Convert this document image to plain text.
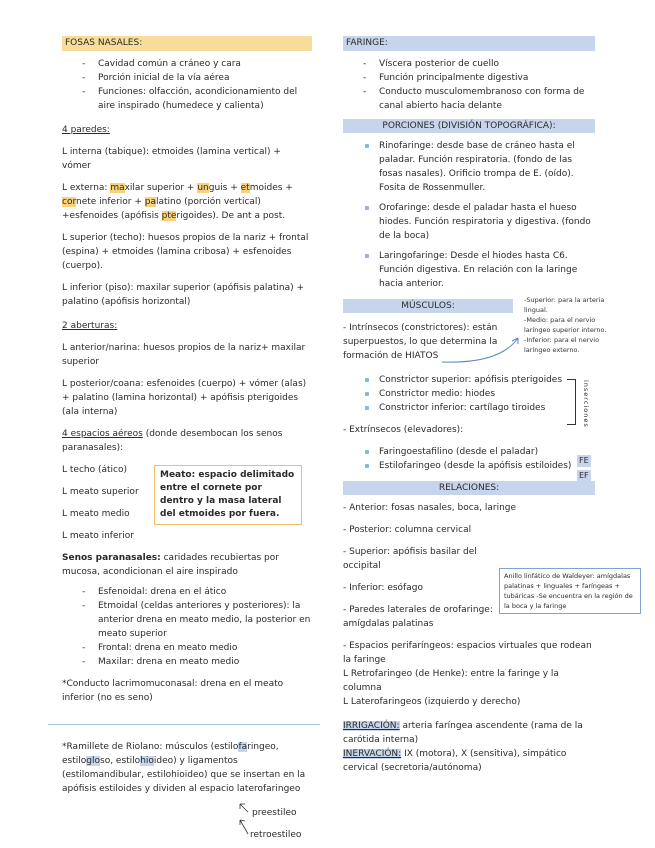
FOSAS NASALES:

- Cavidad común a cráneo y cara
- Porción inicial de la vía aérea
- Funciones: olfacción, acondicionamiento del aire inspirado (humedece y calienta)

4 paredes:

L interna (tabique): etmoides (lamina vertical) + vómer

L externa: maxilar superior + unguis + etmoides + cornete inferior + palatino (porción vertical) +esfenoides (apófisis pterigoides). De ant a post.

L superior (techo): huesos propios de la nariz + frontal (espina) + etmoides (lamina cribosa) + esfenoides (cuerpo).

L inferior (piso): maxilar superior (apófisis palatina) + palatino (apófisis horizontal)

2 aberturas:

L anterior/narina: huesos propios de la nariz+ maxilar superior

L posterior/coana: esfenoides (cuerpo) + vómer (alas) + palatino (lamina horizontal) + apófisis pterigoides (ala interna)

4 espacios aéreos (donde desembocan los senos paranasales):

L techo (ático)

L meato superior

L meato medio

L meato inferior

Senos paranasales: caridades recubiertas por mucosa, acondicionan el aire inspirado

- Esfenoidal: drena en el ático
- Etmoidal (celdas anteriores y posteriores): la anterior drena en meato medio, la posterior en meato superior
- Frontal: drena en meato medio
- Maxilar: drena en meato medio

*Conducto lacrimomuconasal: drena en el meato inferior (no es seno)

Meato: espacio delimitado entre el cornete por dentro y la masa lateral del etmoides por fuera.

*Ramillete de Riolano: músculos (estilofaringeo, estilogloso, estilohioideo) y ligamentos (estilomandibular, estilohioideo) que se insertan en la apófisis estiloides y dividen al espacio laterofaringeo

preestileo

retroestileo

FARINGE:

- Víscera posterior de cuello
- Función principalmente digestiva
- Conducto musculomembranoso con forma de canal abierto hacia delante

PORCIONES (DIVISIÓN TOPOGRÁFICA):

Rinofaringe: desde base de cráneo hasta el paladar. Función respiratoria. (fondo de las fosas nasales). Orificio trompa de E. (oído). Fosita de Rossenmuller.
Orofaringe: desde el paladar hasta el hueso hiodes. Función respiratoria y digestiva. (fondo de la boca)
Laringofaringe: Desde el hiodes hasta C6. Función digestiva. En relación con la laringe hacia anterior.

MÚSCULOS:

- Intrínsecos (constrictores): están superpuestos, lo que determina la formación de HIATOS

Constrictor superior: apófisis pterigoides
Constrictor medio: hiodes
Constrictor inferior: cartílago tiroides

- Extrínsecos (elevadores):

Faringoestafilino (desde el paladar)
Estilofaringeo (desde la apófisis estiloides)

RELACIONES:

- Anterior: fosas nasales, boca, laringe

- Posterior: columna cervical

- Superior: apófisis basilar del occipital

- Inferior: esófago

- Paredes laterales de orofaringe: amígdalas palatinas

- Espacios perifaríngeos: espacios virtuales que rodean la faringe

L Retrofaringeo (de Henke): entre la faringe y la columna

L Laterofaringeos (izquierdo y derecho)

IRRIGACIÓN: arteria faríngea ascendente (rama de la carótida interna)

INERVACIÓN: IX (motora), X (sensitiva), simpático cervical (secretoria/autónoma)

-Superior: para la arteria lingual.
-Medio: para el nervio laríngeo superior interno.
-Inferior: para el nervio laríngeo externo.
inserciones
FE
EF
Anillo linfático de Waldeyer: amígdalas palatinas + linguales + faríngeas + tubáricas -Se encuentra en la región de la boca y la faringe
